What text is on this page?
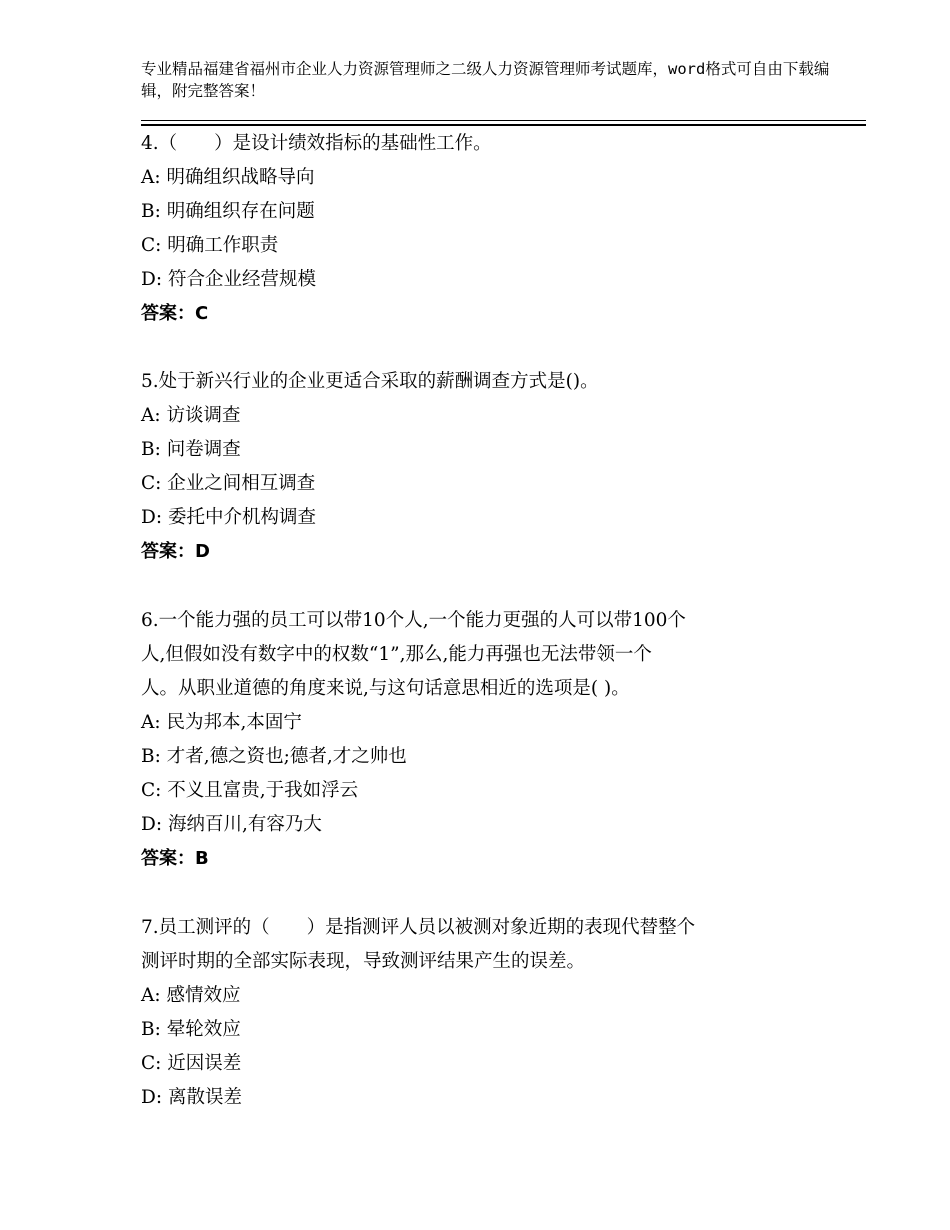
专业精品福建省福州市企业人力资源管理师之二级人力资源管理师考试题库，word格式可自由下载编辑，附完整答案！

4.（　　）是设计绩效指标的基础性工作。

A: 明确组织战略导向

B: 明确组织存在问题

C: 明确工作职责

D: 符合企业经营规模

答案：C

5.处于新兴行业的企业更适合采取的薪酬调查方式是()。

A: 访谈调查

B: 问卷调查

C: 企业之间相互调查

D: 委托中介机构调查

答案：D

6.一个能力强的员工可以带10个人,一个能力更强的人可以带100个

人,但假如没有数字中的权数“1”,那么,能力再强也无法带领一个

人。从职业道德的角度来说,与这句话意思相近的选项是( )。

A: 民为邦本,本固宁

B: 才者,德之资也;德者,才之帅也

C: 不义且富贵,于我如浮云

D: 海纳百川,有容乃大

答案：B

7.员工测评的（　　）是指测评人员以被测对象近期的表现代替整个

测评时期的全部实际表现，导致测评结果产生的误差。

A: 感情效应

B: 晕轮效应

C: 近因误差

D: 离散误差
